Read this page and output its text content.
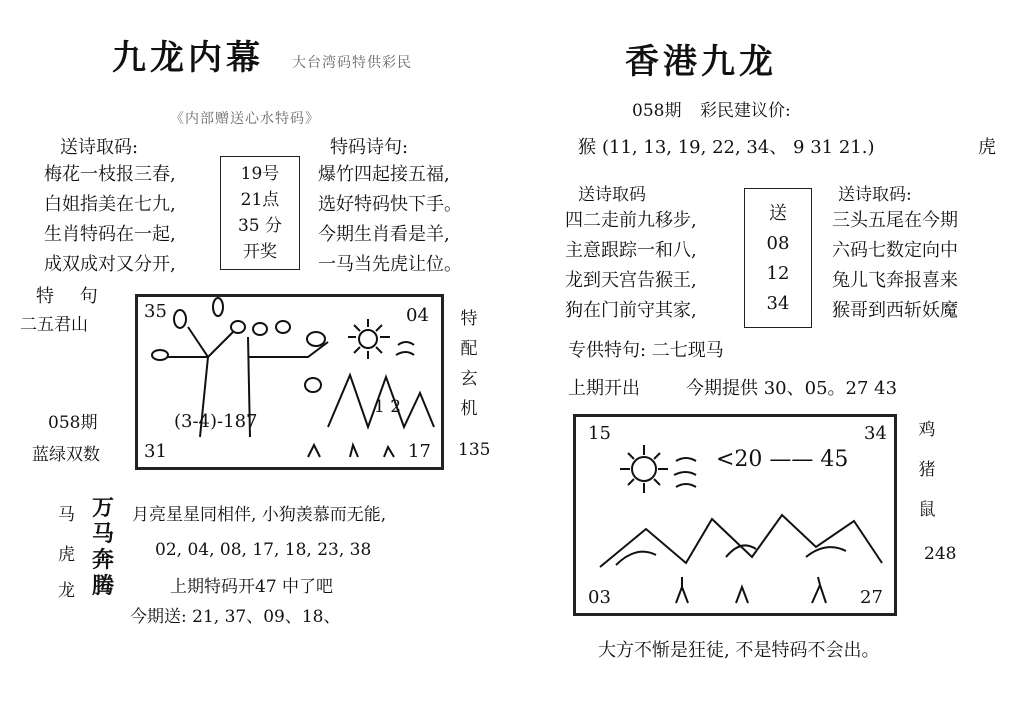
九龙内幕 大台湾码特供彩民
《内部赠送心水特码》
送诗取码:
梅花一枝报三春,
白姐指美在七九,
生肖特码在一起,
成双成对又分开,
19号
21点
35 分
开奖
特码诗句:
爆竹四起接五福,
选好特码快下手。
今期生肖看是羊,
一马当先虎让位。
特 句
二五君山
058期
蓝绿双数
35	04
31	17
(3-4)-187
1 2
特
配
玄
机
135
马
虎
龙
万
马
奔
腾
月亮星星同相伴, 小狗羡慕而无能,
02, 04, 08, 17, 18, 23, 38
上期特码开47 中了吧
今期送: 21, 37、09、18、
香港九龙
058期 彩民建议价:
猴 (11, 13, 19, 22, 34、 9 31 21.)	虎
送诗取码
四二走前九移步,
主意跟踪一和八,
龙到天宫告猴王,
狗在门前守其家,
送
08
12
34
送诗取码:
三头五尾在今期
六码七数定向中
兔儿飞奔报喜来
猴哥到西斩妖魔
专供特句: 二七现马
上期开出	今期提供 30、05。27 43
15	34
03	27
<20 —— 45
鸡
猪
鼠
248
大方不惭是狂徒, 不是特码不会出。
